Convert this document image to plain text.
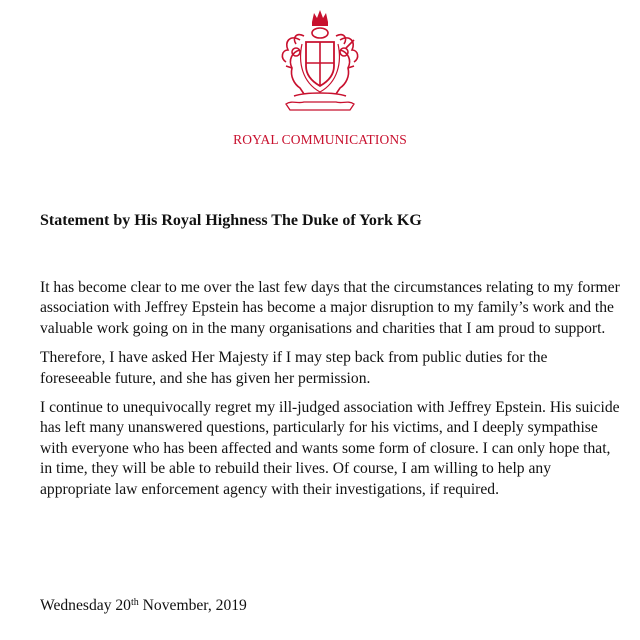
ROYAL COMMUNICATIONS
Statement by His Royal Highness The Duke of York KG

It has become clear to me over the last few days that the circumstances relating to my former association with Jeffrey Epstein has become a major disruption to my family’s work and the valuable work going on in the many organisations and charities that I am proud to support.

Therefore, I have asked Her Majesty if I may step back from public duties for the foreseeable future, and she has given her permission.

I continue to unequivocally regret my ill-judged association with Jeffrey Epstein. His suicide has left many unanswered questions, particularly for his victims, and I deeply sympathise with everyone who has been affected and wants some form of closure. I can only hope that, in time, they will be able to rebuild their lives. Of course, I am willing to help any appropriate law enforcement agency with their investigations, if required.

Wednesday 20th November, 2019
